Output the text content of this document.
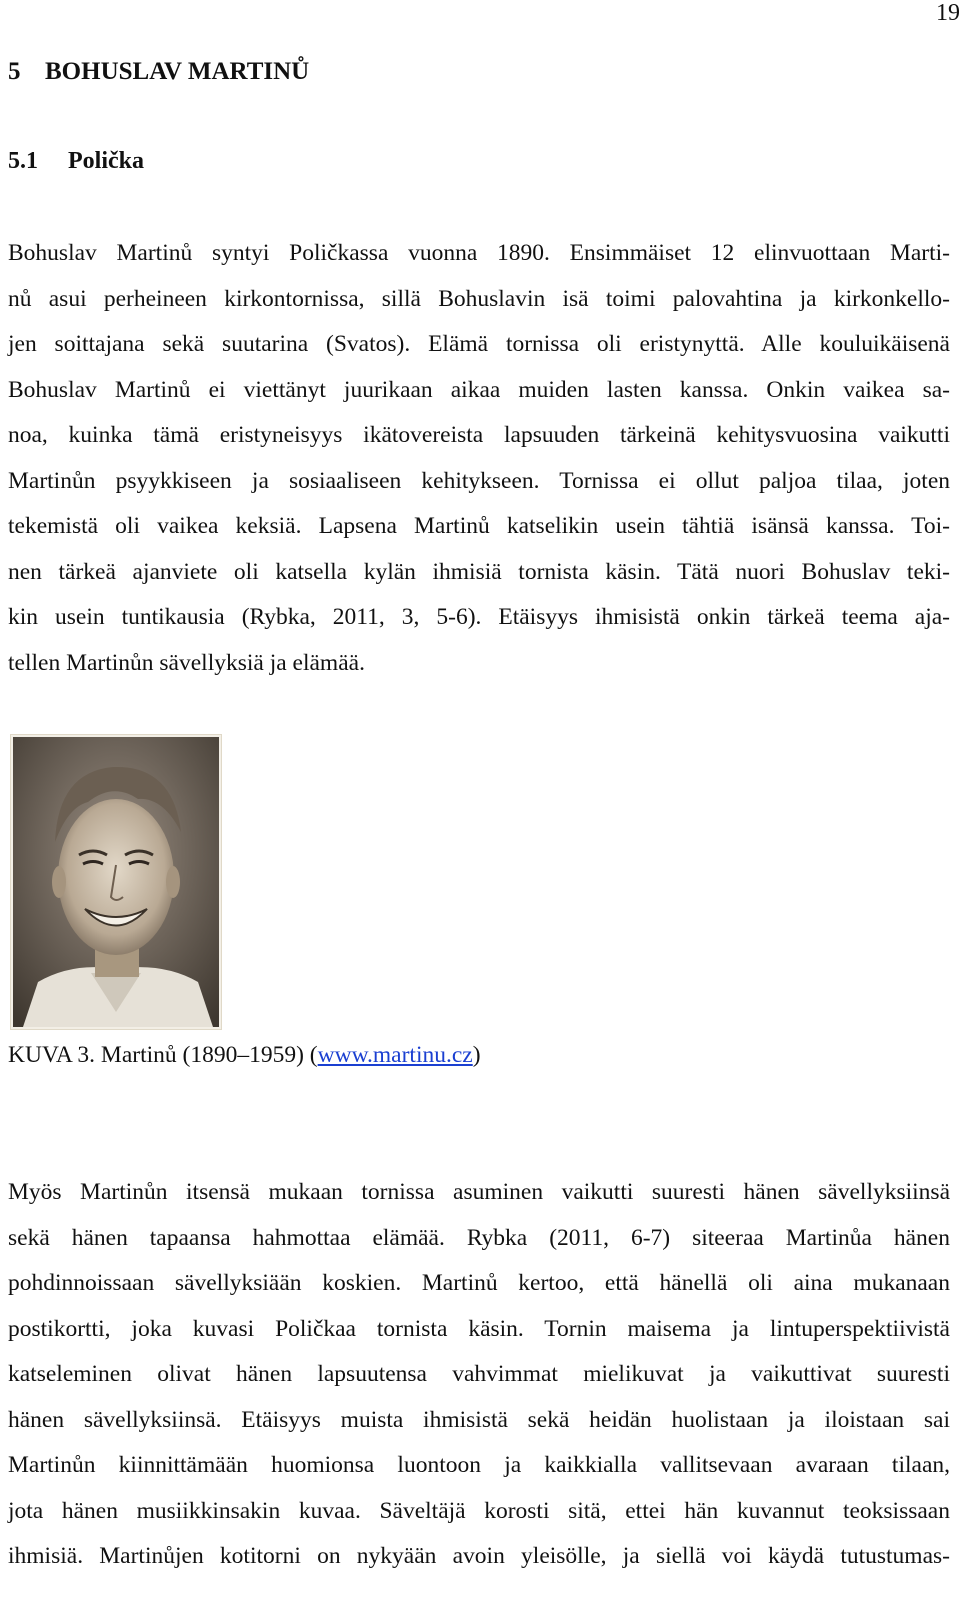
19
5 BOHUSLAV MARTINŮ
5.1 Polička

Bohuslav Martinů syntyi Poličkassa vuonna 1890. Ensimmäiset 12 elinvuottaan Marti-
nů asui perheineen kirkontornissa, sillä Bohuslavin isä toimi palovahtina ja kirkonkello-
jen soittajana sekä suutarina (Svatos). Elämä tornissa oli eristynyttä. Alle kouluikäisenä
Bohuslav Martinů ei viettänyt juurikaan aikaa muiden lasten kanssa. Onkin vaikea sa-
noa, kuinka tämä eristyneisyys ikätovereista lapsuuden tärkeinä kehitysvuosina vaikutti
Martinůn psyykkiseen ja sosiaaliseen kehitykseen. Tornissa ei ollut paljoa tilaa, joten
tekemistä oli vaikea keksiä. Lapsena Martinů katselikin usein tähtiä isänsä kanssa. Toi-
nen tärkeä ajanviete oli katsella kylän ihmisiä tornista käsin. Tätä nuori Bohuslav teki-
kin usein tuntikausia (Rybka, 2011, 3, 5-6). Etäisyys ihmisistä onkin tärkeä teema aja-
tellen Martinůn sävellyksiä ja elämää.

KUVA 3. Martinů (1890–1959) (www.martinu.cz)

Myös Martinůn itsensä mukaan tornissa asuminen vaikutti suuresti hänen sävellyksiinsä
sekä hänen tapaansa hahmottaa elämää. Rybka (2011, 6-7) siteeraa Martinůa hänen
pohdinnoissaan sävellyksiään koskien. Martinů kertoo, että hänellä oli aina mukanaan
postikortti, joka kuvasi Poličkaa tornista käsin. Tornin maisema ja lintuperspektiivistä
katseleminen olivat hänen lapsuutensa vahvimmat mielikuvat ja vaikuttivat suuresti
hänen sävellyksiinsä. Etäisyys muista ihmisistä sekä heidän huolistaan ja iloistaan sai
Martinůn kiinnittämään huomionsa luontoon ja kaikkialla vallitsevaan avaraan tilaan,
jota hänen musiikkinsakin kuvaa. Säveltäjä korosti sitä, ettei hän kuvannut teoksissaan
ihmisiä. Martinůjen kotitorni on nykyään avoin yleisölle, ja siellä voi käydä tutustumas-
